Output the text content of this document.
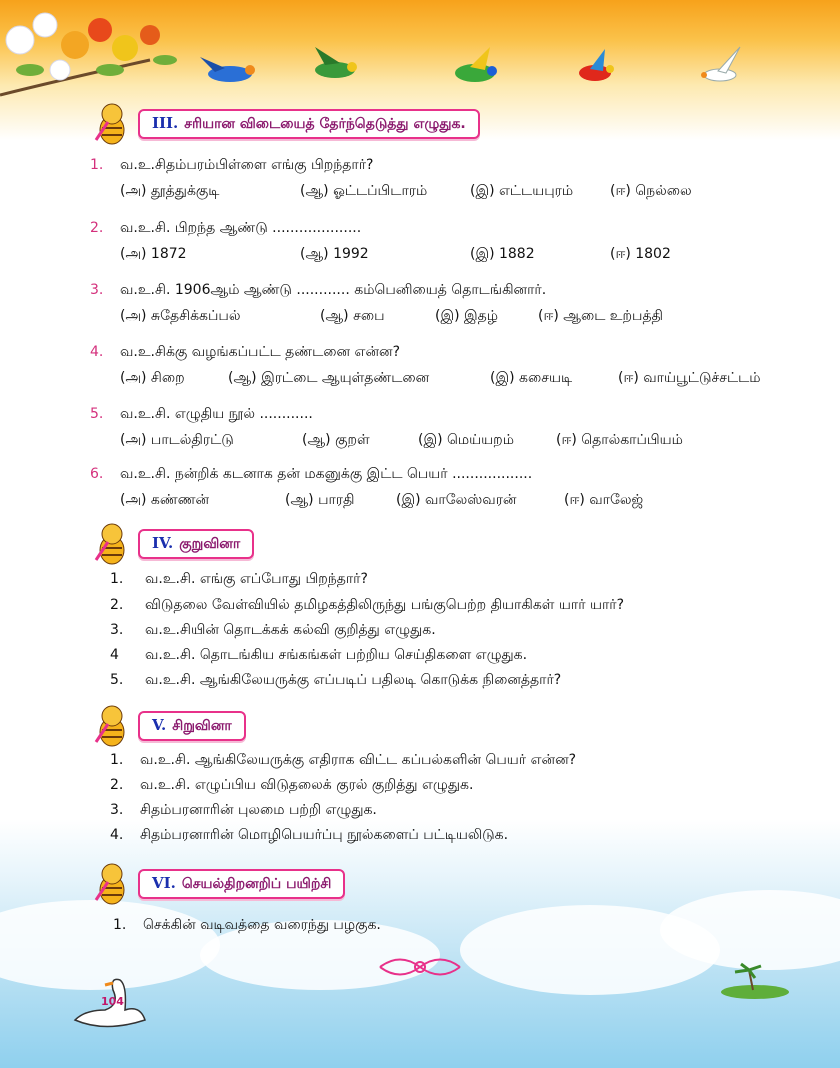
104
III. சரியான விடையைத் தேர்ந்தெடுத்து எழுதுக.
1. வ.உ.சிதம்பரம்பிள்ளை எங்கு பிறந்தார்?
(அ) தூத்துக்குடி	(ஆ) ஓட்டப்பிடாரம்	(இ) எட்டயபுரம்	(ஈ) நெல்லை
2. வ.உ.சி. பிறந்த ஆண்டு ....................
(அ) 1872	(ஆ) 1992	(இ) 1882	(ஈ) 1802
3. வ.உ.சி. 1906ஆம் ஆண்டு ............ கம்பெனியைத் தொடங்கினார்.
(அ) சுதேசிக்கப்பல்	(ஆ) சபை	(இ) இதழ்	(ஈ) ஆடை உற்பத்தி
4. வ.உ.சிக்கு வழங்கப்பட்ட தண்டனை என்ன?
(அ) சிறை	(ஆ) இரட்டை ஆயுள்தண்டனை	(இ) கசையடி	(ஈ) வாய்பூட்டுச்சட்டம்
5. வ.உ.சி. எழுதிய நூல் ............
(அ) பாடல்திரட்டு	(ஆ) குறள்	(இ) மெய்யறம்	(ஈ) தொல்காப்பியம்
6. வ.உ.சி. நன்றிக் கடனாக தன் மகனுக்கு இட்ட பெயர் ..................
(அ) கண்ணன்	(ஆ) பாரதி	(இ) வாலேஸ்வரன்	(ஈ) வாலேஜ்
IV. குறுவினா
1. வ.உ.சி. எங்கு எப்போது பிறந்தார்?
2. விடுதலை வேள்வியில் தமிழகத்திலிருந்து பங்குபெற்ற தியாகிகள் யார் யார்?
3. வ.உ.சியின் தொடக்கக் கல்வி குறித்து எழுதுக.
4 வ.உ.சி. தொடங்கிய சங்கங்கள் பற்றிய செய்திகளை எழுதுக.
5. வ.உ.சி. ஆங்கிலேயருக்கு எப்படிப் பதிலடி கொடுக்க நினைத்தார்?
V. சிறுவினா
1. வ.உ.சி. ஆங்கிலேயருக்கு எதிராக விட்ட கப்பல்களின் பெயர் என்ன?
2. வ.உ.சி. எழுப்பிய விடுதலைக் குரல் குறித்து எழுதுக.
3. சிதம்பரனாரின் புலமை பற்றி எழுதுக.
4. சிதம்பரனாரின் மொழிபெயர்ப்பு நூல்களைப் பட்டியலிடுக.
VI. செயல்திறனறிப் பயிற்சி
1. செக்கின் வடிவத்தை வரைந்து பழகுக.
